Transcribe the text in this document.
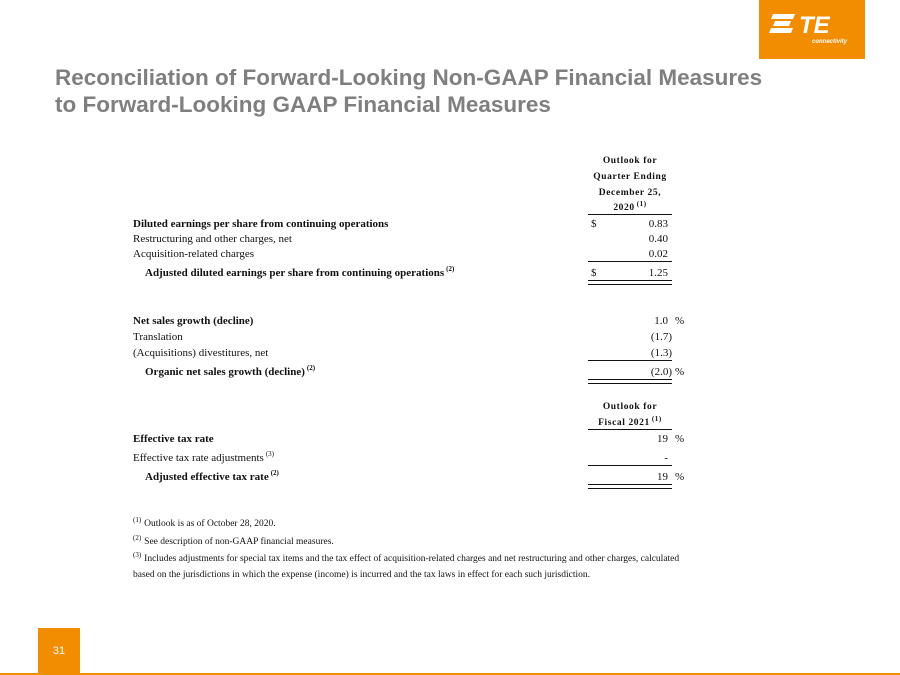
TE
connectivity
Reconciliation of Forward-Looking Non-GAAP Financial Measures
to Forward-Looking GAAP Financial Measures
Outlook for
Quarter Ending
December 25,
2020 $^{(1)}$
Diluted earnings per share from continuing operations	$	0.83
Restructuring and other charges, net	0.40
Acquisition-related charges	0.02
Adjusted diluted earnings per share from continuing operations $^{(2)}$	$	1.25
Net sales growth (decline)	1.0 %
Translation	(1.7)
(Acquisitions) divestitures, net	(1.3)
Organic net sales growth (decline) $^{(2)}$	(2.0) %
Outlook for
Fiscal 2021 $^{(1)}$
Effective tax rate	19 %
Effective tax rate adjustments $^{(3)}$	-
Adjusted effective tax rate $^{(2)}$	19 %
$^{(1)}$ Outlook is as of October 28, 2020.
$^{(2)}$ See description of non-GAAP financial measures.
$^{(3)}$ Includes adjustments for special tax items and the tax effect of acquisition-related charges and net restructuring and other charges, calculated
based on the jurisdictions in which the expense (income) is incurred and the tax laws in effect for each such jurisdiction.
31
